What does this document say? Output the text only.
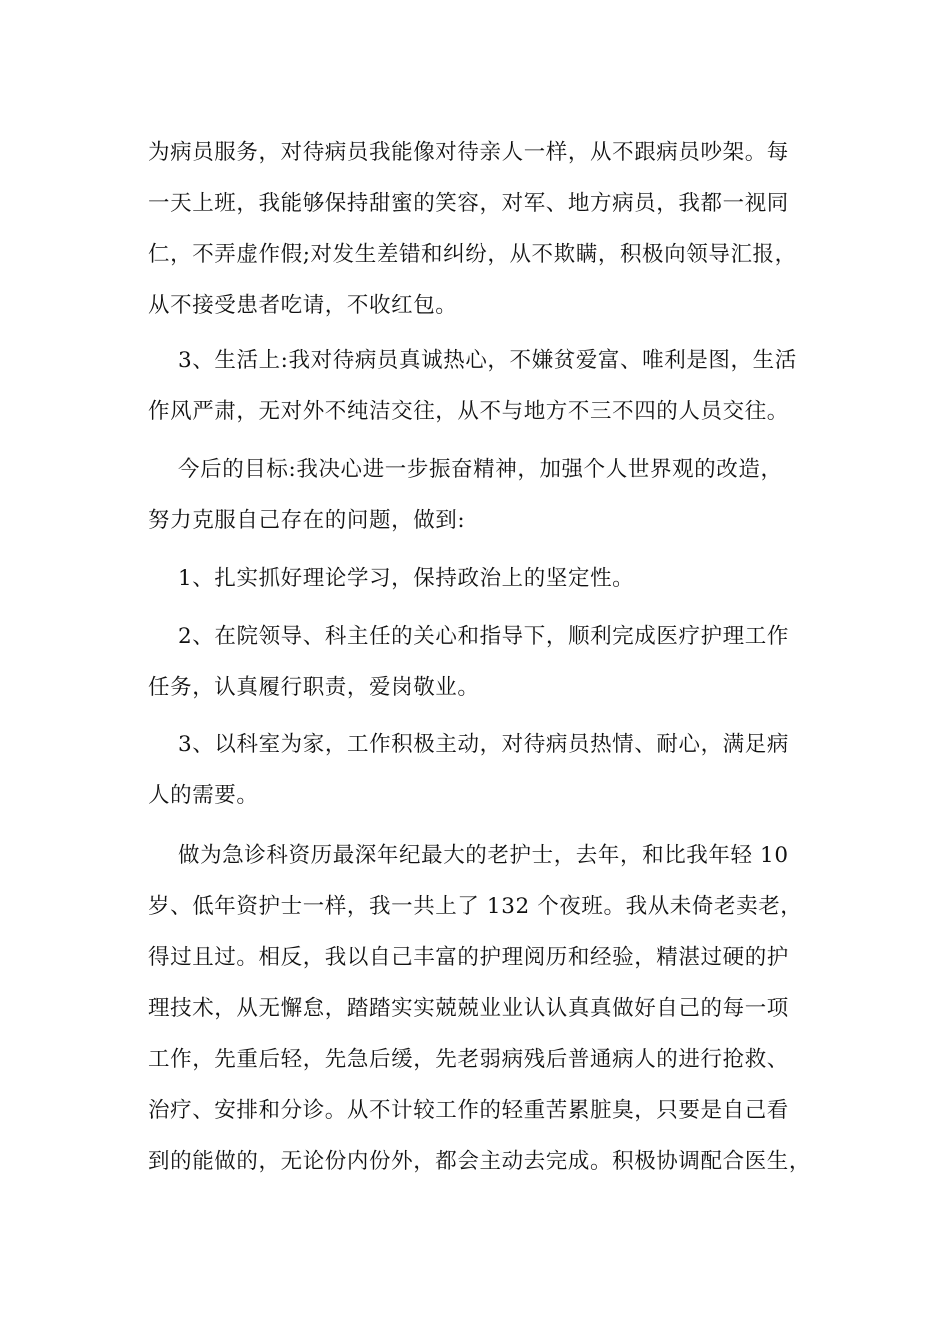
为病员服务，对待病员我能像对待亲人一样，从不跟病员吵架。每
一天上班，我能够保持甜蜜的笑容，对军、地方病员，我都一视同
仁，不弄虚作假;对发生差错和纠纷，从不欺瞒，积极向领导汇报，
从不接受患者吃请，不收红包。
3、生活上:我对待病员真诚热心，不嫌贫爱富、唯利是图，生活
作风严肃，无对外不纯洁交往，从不与地方不三不四的人员交往。
今后的目标:我决心进一步振奋精神，加强个人世界观的改造，
努力克服自己存在的问题，做到:
1、扎实抓好理论学习，保持政治上的坚定性。
2、在院领导、科主任的关心和指导下，顺利完成医疗护理工作
任务，认真履行职责，爱岗敬业。
3、以科室为家，工作积极主动，对待病员热情、耐心，满足病
人的需要。
做为急诊科资历最深年纪最大的老护士，去年，和比我年轻 10
岁、低年资护士一样，我一共上了 132 个夜班。我从未倚老卖老，
得过且过。相反，我以自己丰富的护理阅历和经验，精湛过硬的护
理技术，从无懈怠，踏踏实实兢兢业业认认真真做好自己的每一项
工作，先重后轻，先急后缓，先老弱病残后普通病人的进行抢救、
治疗、安排和分诊。从不计较工作的轻重苦累脏臭，只要是自己看
到的能做的，无论份内份外，都会主动去完成。积极协调配合医生，
